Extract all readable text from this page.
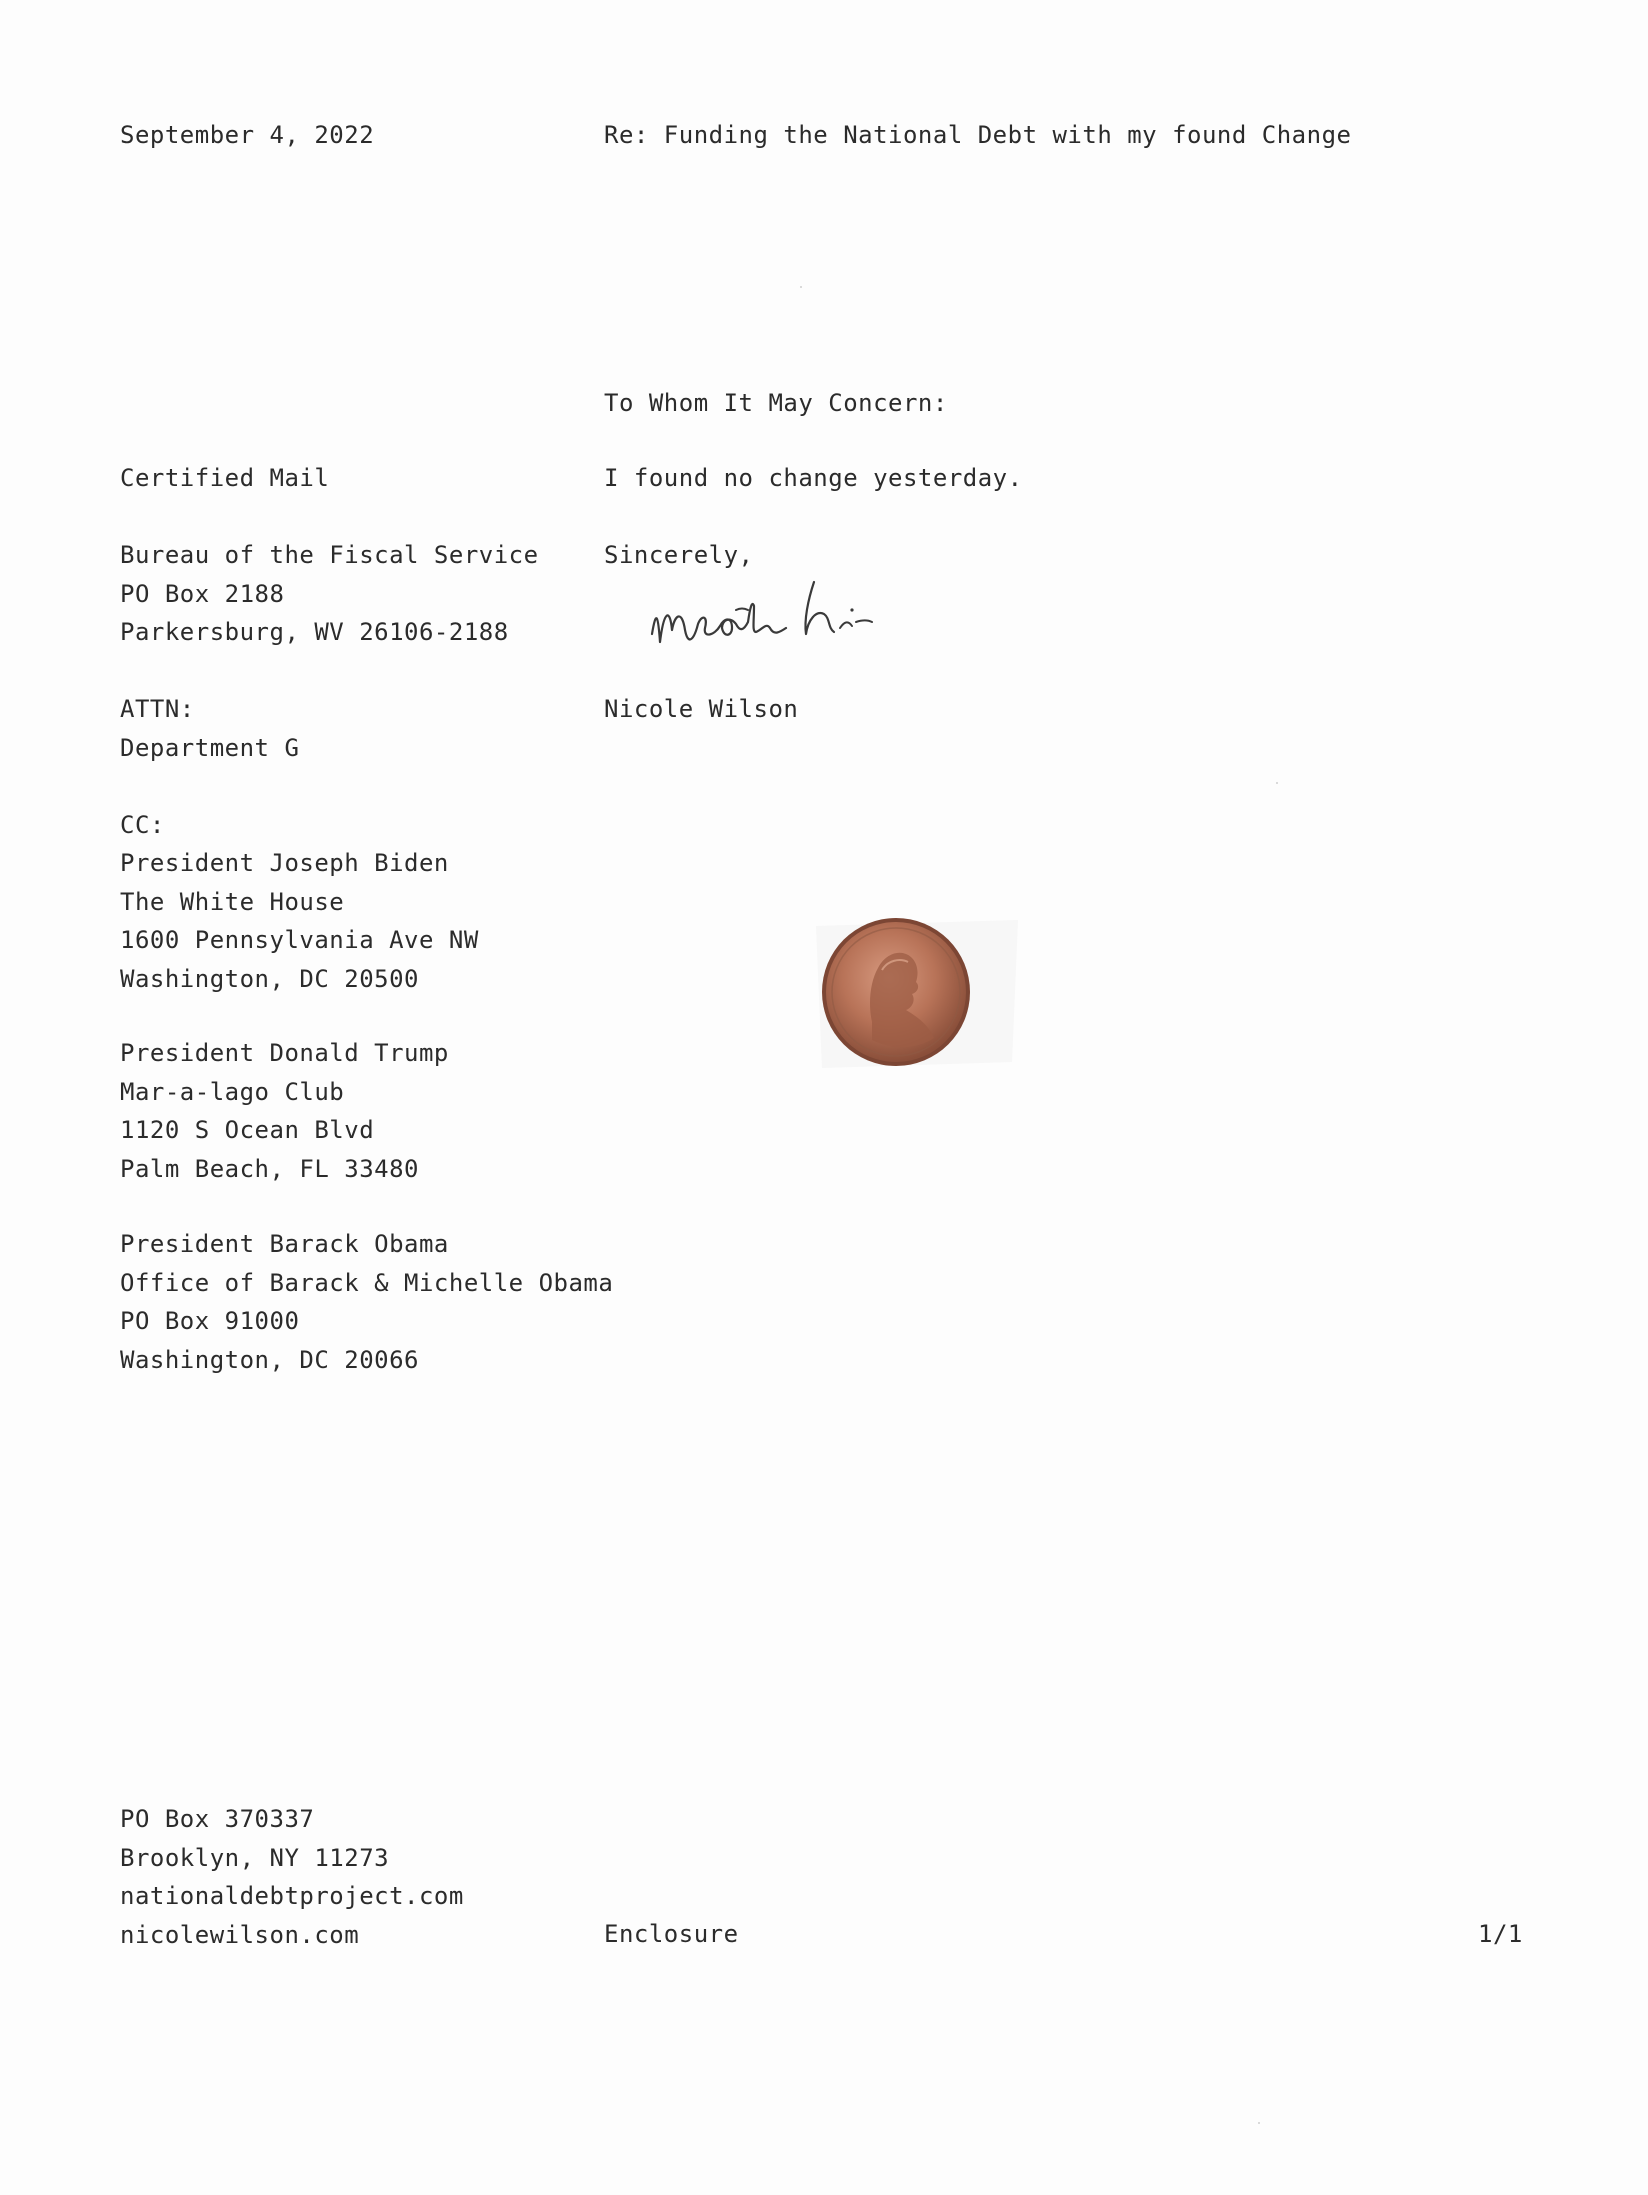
September 4, 2022	Re: Funding the National Debt with my found Change
To Whom It May Concern:
Certified Mail	I found no change yesterday.
Sincerely,
Bureau of the Fiscal Service
PO Box 2188
Parkersburg, WV 26106-2188
Nicole Wilson
ATTN:
Department G
CC:
President Joseph Biden
The White House
1600 Pennsylvania Ave NW
Washington, DC 20500
President Donald Trump
Mar-a-lago Club
1120 S Ocean Blvd
Palm Beach, FL 33480
President Barack Obama
Office of Barack & Michelle Obama
PO Box 91000
Washington, DC 20066
PO Box 370337
Brooklyn, NY 11273
nationaldebtproject.com
nicolewilson.com	Enclosure	1/1
